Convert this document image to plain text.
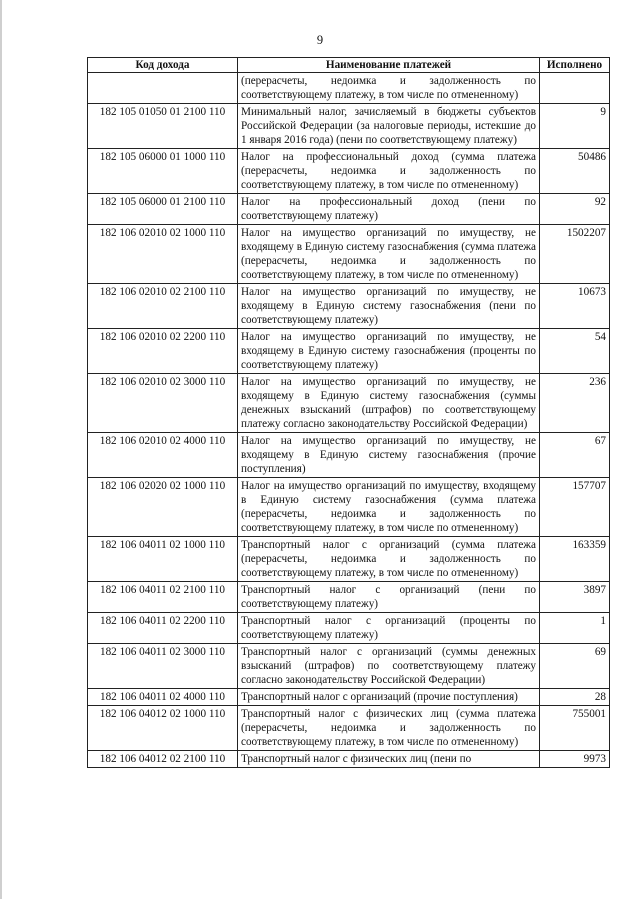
9
Код дохода	Наименование платежей	Исполнено
	(перерасчеты, недоимка и задолженность по соответствующему платежу, в том числе по отмененному)	
182 105 01050 01 2100 110	Минимальный налог, зачисляемый в бюджеты субъектов Российской Федерации (за налоговые периоды, истекшие до 1 января 2016 года) (пени по соответствующему платежу)	9
182 105 06000 01 1000 110	Налог на профессиональный доход (сумма платежа (перерасчеты, недоимка и задолженность по соответствующему платежу, в том числе по отмененному)	50486
182 105 06000 01 2100 110	Налог на профессиональный доход (пени по соответствующему платежу)	92
182 106 02010 02 1000 110	Налог на имущество организаций по имуществу, не входящему в Единую систему газоснабжения (сумма платежа (перерасчеты, недоимка и задолженность по соответствующему платежу, в том числе по отмененному)	1502207
182 106 02010 02 2100 110	Налог на имущество организаций по имуществу, не входящему в Единую систему газоснабжения (пени по соответствующему платежу)	10673
182 106 02010 02 2200 110	Налог на имущество организаций по имуществу, не входящему в Единую систему газоснабжения (проценты по соответствующему платежу)	54
182 106 02010 02 3000 110	Налог на имущество организаций по имуществу, не входящему в Единую систему газоснабжения (суммы денежных взысканий (штрафов) по соответствующему платежу согласно законодательству Российской Федерации)	236
182 106 02010 02 4000 110	Налог на имущество организаций по имуществу, не входящему в Единую систему газоснабжения (прочие поступления)	67
182 106 02020 02 1000 110	Налог на имущество организаций по имуществу, входящему в Единую систему газоснабжения (сумма платежа (перерасчеты, недоимка и задолженность по соответствующему платежу, в том числе по отмененному)	157707
182 106 04011 02 1000 110	Транспортный налог с организаций (сумма платежа (перерасчеты, недоимка и задолженность по соответствующему платежу, в том числе по отмененному)	163359
182 106 04011 02 2100 110	Транспортный налог с организаций (пени по соответствующему платежу)	3897
182 106 04011 02 2200 110	Транспортный налог с организаций (проценты по соответствующему платежу)	1
182 106 04011 02 3000 110	Транспортный налог с организаций (суммы денежных взысканий (штрафов) по соответствующему платежу согласно законодательству Российской Федерации)	69
182 106 04011 02 4000 110	Транспортный налог с организаций (прочие поступления)	28
182 106 04012 02 1000 110	Транспортный налог с физических лиц (сумма платежа (перерасчеты, недоимка и задолженность по соответствующему платежу, в том числе по отмененному)	755001
182 106 04012 02 2100 110	Транспортный налог с физических лиц (пени по	9973
